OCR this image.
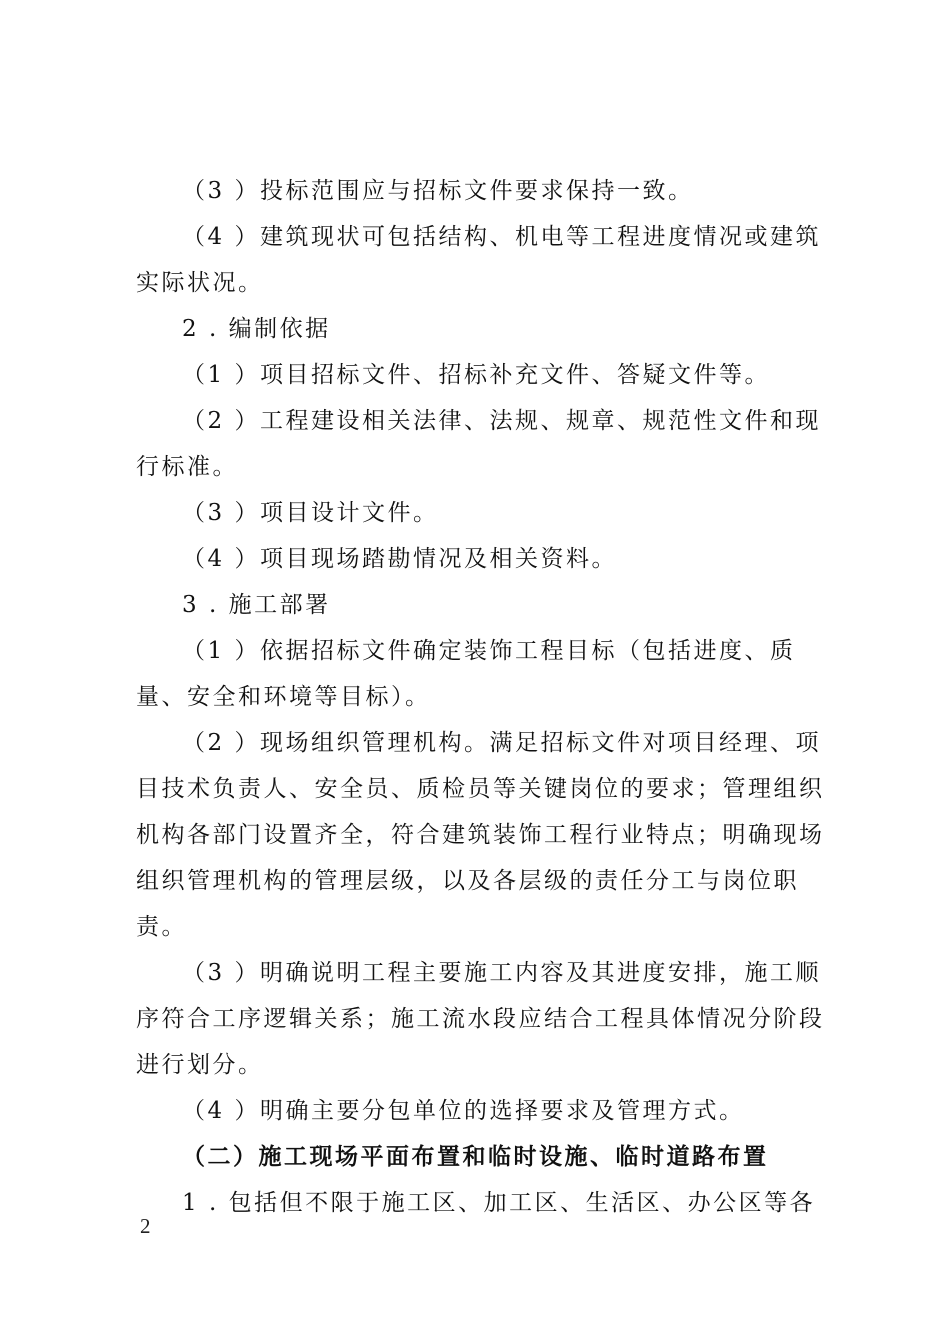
（3 ）投标范围应与招标文件要求保持一致。

（4 ）建筑现状可包括结构、机电等工程进度情况或建筑实际状况。

2 . 编制依据

（1 ）项目招标文件、招标补充文件、答疑文件等。

（2 ）工程建设相关法律、法规、规章、规范性文件和现行标准。

（3 ）项目设计文件。

（4 ）项目现场踏勘情况及相关资料。

3 . 施工部署

（1 ）依据招标文件确定装饰工程目标（包括进度、质量、安全和环境等目标）。

（2 ）现场组织管理机构。满足招标文件对项目经理、项目技术负责人、安全员、质检员等关键岗位的要求；管理组织机构各部门设置齐全，符合建筑装饰工程行业特点；明确现场组织管理机构的管理层级，以及各层级的责任分工与岗位职责。

（3 ）明确说明工程主要施工内容及其进度安排，施工顺序符合工序逻辑关系；施工流水段应结合工程具体情况分阶段进行划分。

（4 ）明确主要分包单位的选择要求及管理方式。

（二）施工现场平面布置和临时设施、临时道路布置

1 . 包括但不限于施工区、加工区、生活区、办公区等各

2
